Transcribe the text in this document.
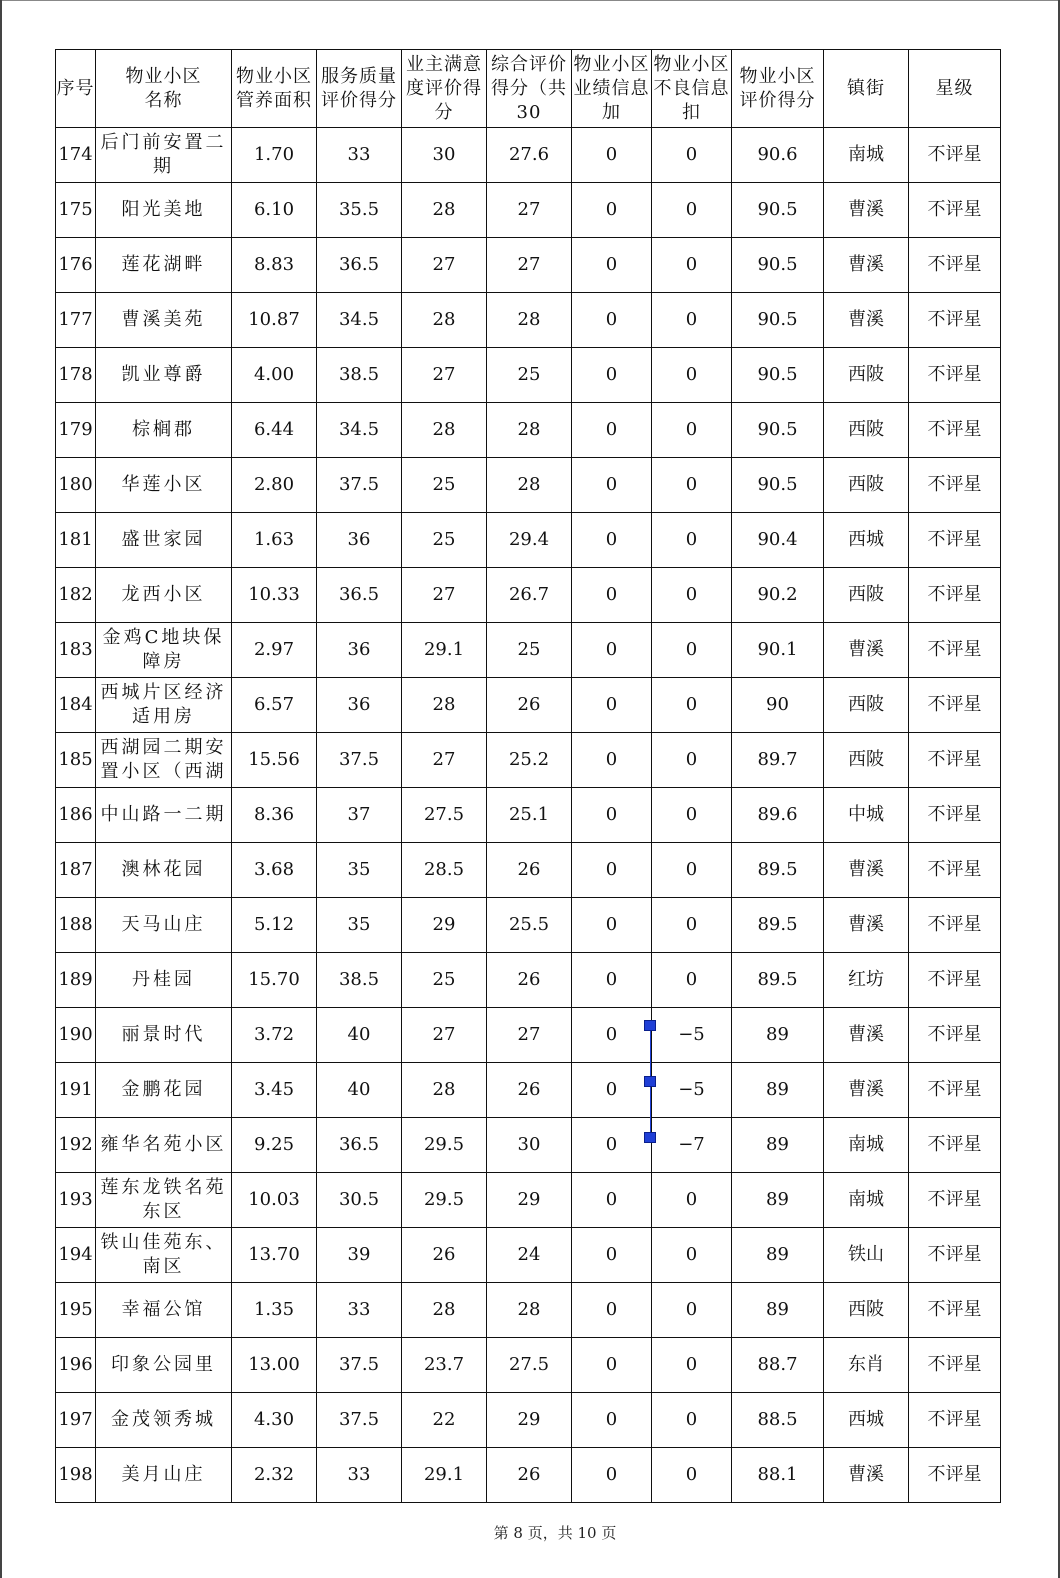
序号	物业小区名称	物业小区管养面积	服务质量评价得分	业主满意度评价得分	综合评价得分（共30	物业小区业绩信息加	物业小区不良信息扣	物业小区评价得分	镇街	星级

174	后门前安置二期	1.70	33	30	27.6	0	0	90.6	南城	不评星
175	阳光美地	6.10	35.5	28	27	0	0	90.5	曹溪	不评星
176	莲花湖畔	8.83	36.5	27	27	0	0	90.5	曹溪	不评星
177	曹溪美苑	10.87	34.5	28	28	0	0	90.5	曹溪	不评星
178	凯业尊爵	4.00	38.5	27	25	0	0	90.5	西陂	不评星
179	棕榈郡	6.44	34.5	28	28	0	0	90.5	西陂	不评星
180	华莲小区	2.80	37.5	25	28	0	0	90.5	西陂	不评星
181	盛世家园	1.63	36	25	29.4	0	0	90.4	西城	不评星
182	龙西小区	10.33	36.5	27	26.7	0	0	90.2	西陂	不评星
183	金鸡C地块保障房	2.97	36	29.1	25	0	0	90.1	曹溪	不评星
184	西城片区经济适用房	6.57	36	28	26	0	0	90	西陂	不评星
185	西湖园二期安置小区（西湖	15.56	37.5	27	25.2	0	0	89.7	西陂	不评星
186	中山路一二期	8.36	37	27.5	25.1	0	0	89.6	中城	不评星
187	澳林花园	3.68	35	28.5	26	0	0	89.5	曹溪	不评星
188	天马山庄	5.12	35	29	25.5	0	0	89.5	曹溪	不评星
189	丹桂园	15.70	38.5	25	26	0	0	89.5	红坊	不评星
190	丽景时代	3.72	40	27	27	0	−5	89	曹溪	不评星
191	金鹏花园	3.45	40	28	26	0	−5	89	曹溪	不评星
192	雍华名苑小区	9.25	36.5	29.5	30	0	−7	89	南城	不评星
193	莲东龙铁名苑东区	10.03	30.5	29.5	29	0	0	89	南城	不评星
194	铁山佳苑东、南区	13.70	39	26	24	0	0	89	铁山	不评星
195	幸福公馆	1.35	33	28	28	0	0	89	西陂	不评星
196	印象公园里	13.00	37.5	23.7	27.5	0	0	88.7	东肖	不评星
197	金茂领秀城	4.30	37.5	22	29	0	0	88.5	西城	不评星
198	美月山庄	2.32	33	29.1	26	0	0	88.1	曹溪	不评星
第 8 页，共 10 页
